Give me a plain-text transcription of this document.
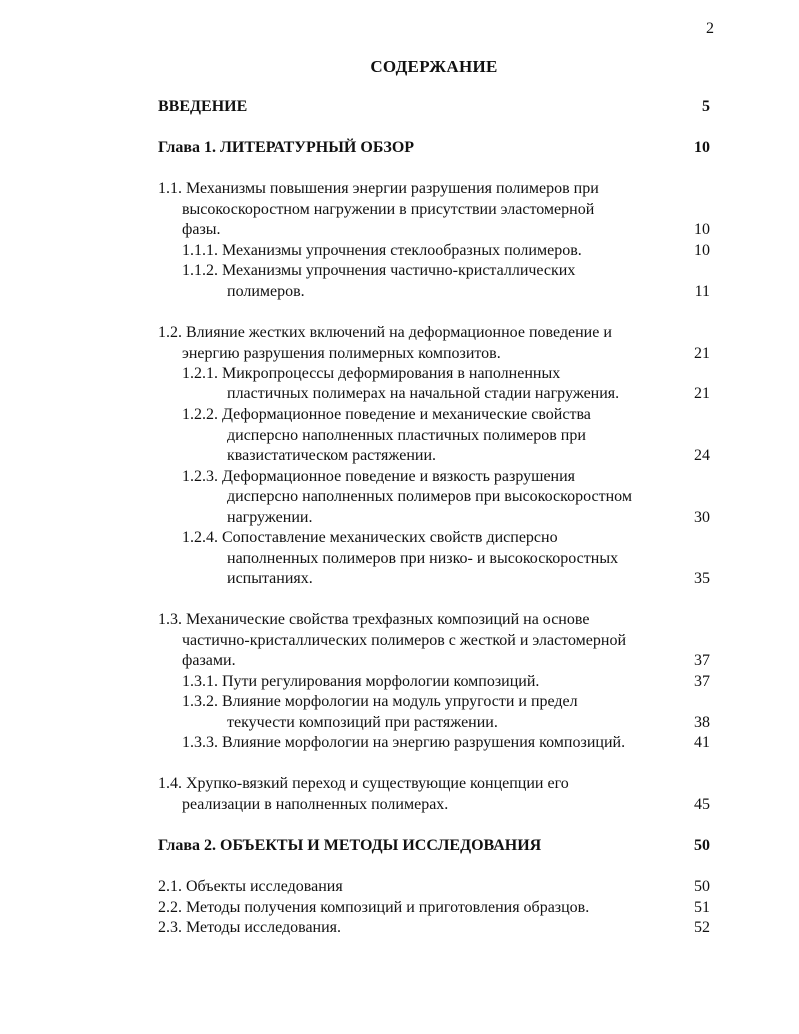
2
СОДЕРЖАНИЕ
ВВЕДЕНИЕ	5
Глава 1. ЛИТЕРАТУРНЫЙ ОБЗОР	10
1.1. Механизмы повышения энергии разрушения полимеров при
высокоскоростном нагружении в присутствии эластомерной
фазы.	10
1.1.1. Механизмы упрочнения стеклообразных полимеров.	10
1.1.2. Механизмы упрочнения частично-кристаллических
полимеров.	11
1.2. Влияние жестких включений на деформационное поведение и
энергию разрушения полимерных композитов.	21
1.2.1. Микропроцессы деформирования в наполненных
пластичных полимерах на начальной стадии нагружения.	21
1.2.2. Деформационное поведение и механические свойства
дисперсно наполненных пластичных полимеров при
квазистатическом растяжении.	24
1.2.3. Деформационное поведение и вязкость разрушения
дисперсно наполненных полимеров при высокоскоростном
нагружении.	30
1.2.4. Сопоставление механических свойств дисперсно
наполненных полимеров при низко- и высокоскоростных
испытаниях.	35
1.3. Механические свойства трехфазных композиций на основе
частично-кристаллических полимеров с жесткой и эластомерной
фазами.	37
1.3.1. Пути регулирования морфологии композиций.	37
1.3.2. Влияние морфологии на модуль упругости и предел
текучести композиций при растяжении.	38
1.3.3. Влияние морфологии на энергию разрушения композиций.	41
1.4. Хрупко-вязкий переход и существующие концепции его
реализации в наполненных полимерах.	45
Глава 2. ОБЪЕКТЫ И МЕТОДЫ ИССЛЕДОВАНИЯ	50
2.1. Объекты исследования	50
2.2. Методы получения композиций и приготовления образцов.	51
2.3. Методы исследования.	52
